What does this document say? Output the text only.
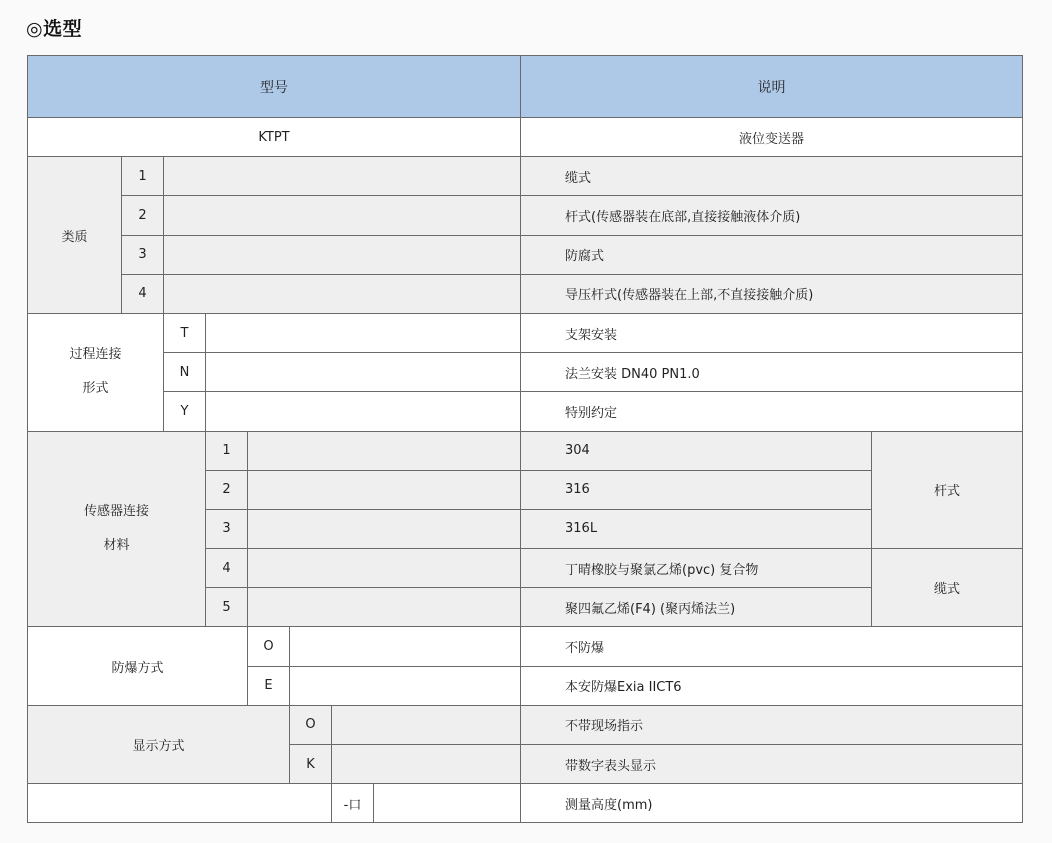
◎选型
型号								说明	
KTPT								液位变送器	
类质	1							缆式	
	2							杆式(传感器装在底部,直接接触液体介质)	
	3							防腐式	
	4							导压杆式(传感器装在上部,不直接接触介质)	

过程连接
形式		T						支架安装	
		N						法兰安装 DN40 PN1.0	
		Y						特别约定	

传感器连接
材料			1					304	杆式
			2					316	
			3					316L	
			4					丁晴橡胶与聚氯乙烯(pvc) 复合物	缆式
			5					聚四氟乙烯(F4) (聚丙烯法兰)	
防爆方式				O				不防爆	
				E				本安防爆Exia IICT6	
显示方式					O			不带现场指示	
					K			带数字表头显示	
						-口		测量高度(mm)	
